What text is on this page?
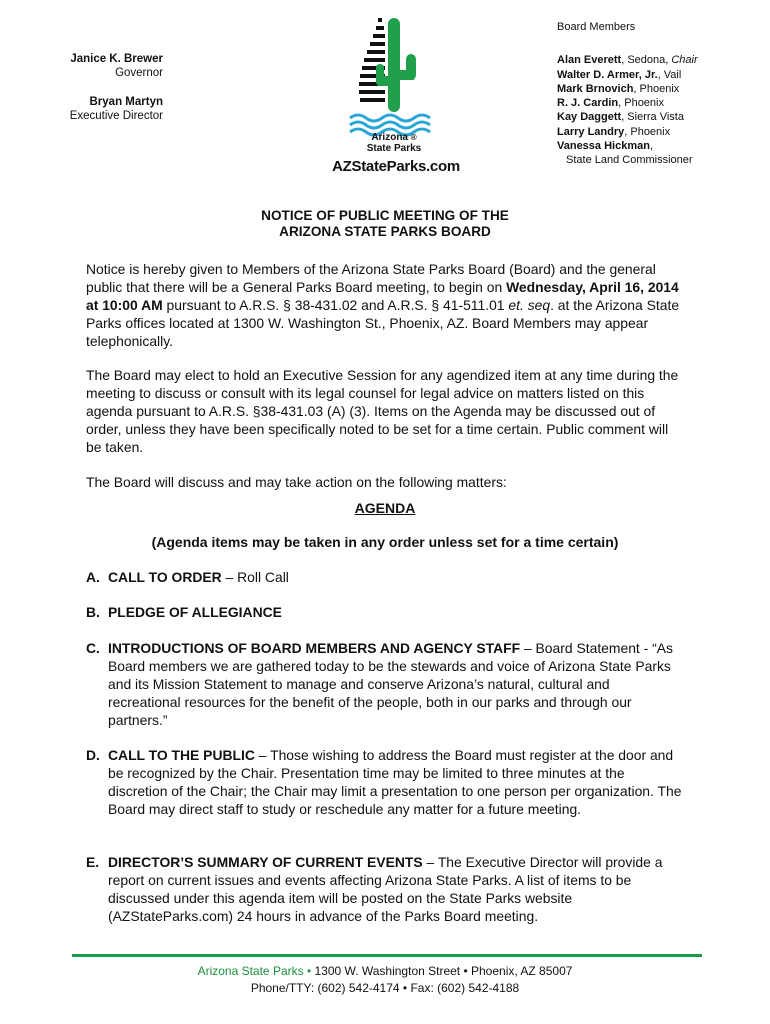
Janice K. Brewer
Governor
Bryan Martyn
Executive Director
Arizona ®
State Parks
AZStateParks.com
Board Members
Alan Everett, Sedona, Chair
Walter D. Armer, Jr., Vail
Mark Brnovich, Phoenix
R. J. Cardin, Phoenix
Kay Daggett, Sierra Vista
Larry Landry, Phoenix
Vanessa Hickman,
State Land Commissioner
NOTICE OF PUBLIC MEETING OF THE
ARIZONA STATE PARKS BOARD

Notice is hereby given to Members of the Arizona State Parks Board (Board) and the general public that there will be a General Parks Board meeting, to begin on Wednesday, April 16, 2014 at 10:00 AM pursuant to A.R.S. § 38-431.02 and A.R.S. § 41-511.01 et. seq. at the Arizona State Parks offices located at 1300 W. Washington St., Phoenix, AZ. Board Members may appear telephonically.

The Board may elect to hold an Executive Session for any agendized item at any time during the meeting to discuss or consult with its legal counsel for legal advice on matters listed on this agenda pursuant to A.R.S. §38-431.03 (A) (3). Items on the Agenda may be discussed out of order, unless they have been specifically noted to be set for a time certain. Public comment will be taken.
The Board will discuss and may take action on the following matters:
AGENDA
(Agenda items may be taken in any order unless set for a time certain)
A. CALL TO ORDER – Roll Call
B. PLEDGE OF ALLEGIANCE
C. INTRODUCTIONS OF BOARD MEMBERS AND AGENCY STAFF – Board Statement - “As Board members we are gathered today to be the stewards and voice of Arizona State Parks and its Mission Statement to manage and conserve Arizona’s natural, cultural and recreational resources for the benefit of the people, both in our parks and through our partners.”
D. CALL TO THE PUBLIC – Those wishing to address the Board must register at the door and be recognized by the Chair. Presentation time may be limited to three minutes at the discretion of the Chair; the Chair may limit a presentation to one person per organization. The Board may direct staff to study or reschedule any matter for a future meeting.
E. DIRECTOR’S SUMMARY OF CURRENT EVENTS – The Executive Director will provide a report on current issues and events affecting Arizona State Parks. A list of items to be discussed under this agenda item will be posted on the State Parks website (AZStateParks.com) 24 hours in advance of the Parks Board meeting.
Arizona State Parks • 1300 W. Washington Street • Phoenix, AZ 85007
Phone/TTY: (602) 542-4174 • Fax: (602) 542-4188
